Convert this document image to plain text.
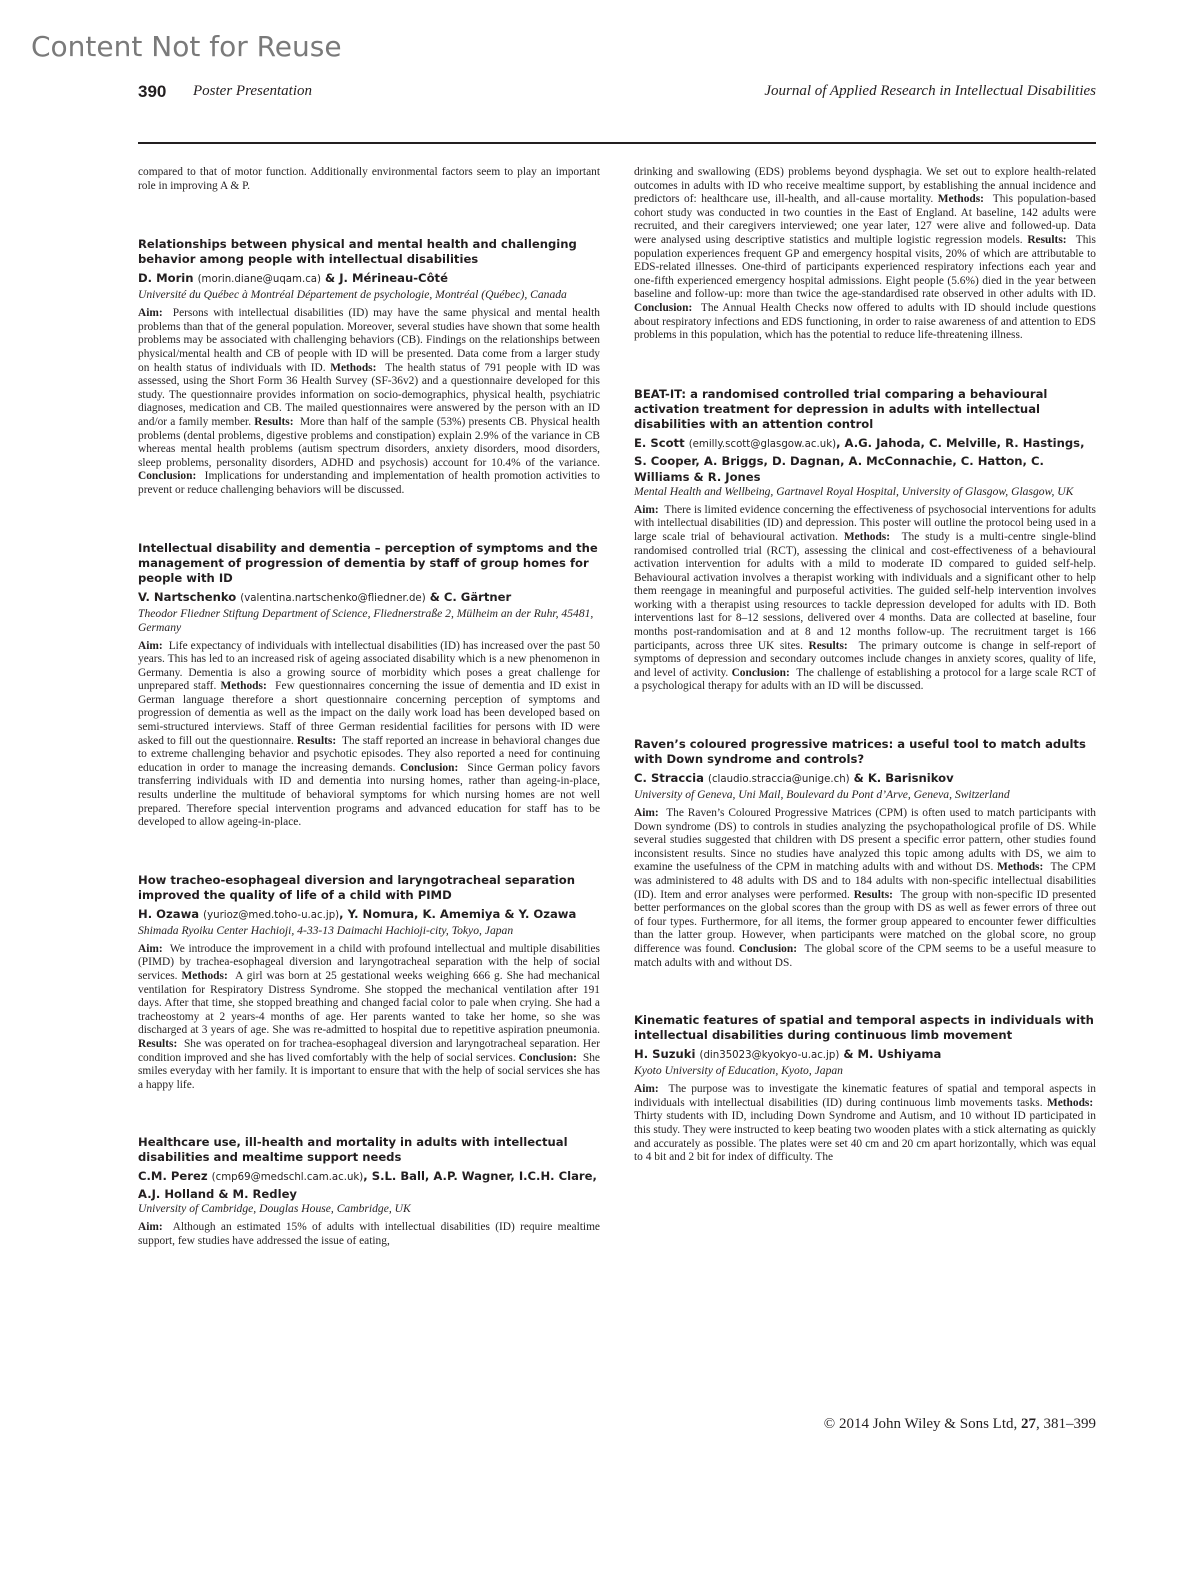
Content Not for Reuse
390 Poster Presentation	Journal of Applied Research in Intellectual Disabilities

compared to that of motor function. Additionally environmental factors seem to play an important role in improving A & P.

Relationships between physical and mental health and challenging behavior among people with intellectual disabilities
D. Morin (morin.diane@uqam.ca) & J. Mérineau-Côté
Université du Québec à Montréal Département de psychologie, Montréal (Québec), Canada

Aim: Persons with intellectual disabilities (ID) may have the same physical and mental health problems than that of the general population. Moreover, several studies have shown that some health problems may be associated with challenging behaviors (CB). Findings on the relationships between physical/mental health and CB of people with ID will be presented. Data come from a larger study on health status of individuals with ID. Methods: The health status of 791 people with ID was assessed, using the Short Form 36 Health Survey (SF-36v2) and a questionnaire developed for this study. The questionnaire provides information on socio-demographics, physical health, psychiatric diagnoses, medication and CB. The mailed questionnaires were answered by the person with an ID and/or a family member. Results: More than half of the sample (53%) presents CB. Physical health problems (dental problems, digestive problems and constipation) explain 2.9% of the variance in CB whereas mental health problems (autism spectrum disorders, anxiety disorders, mood disorders, sleep problems, personality disorders, ADHD and psychosis) account for 10.4% of the variance. Conclusion: Implications for understanding and implementation of health promotion activities to prevent or reduce challenging behaviors will be discussed.

Intellectual disability and dementia – perception of symptoms and the management of progression of dementia by staff of group homes for people with ID
V. Nartschenko (valentina.nartschenko@fliedner.de) & C. Gärtner
Theodor Fliedner Stiftung Department of Science, Fliednerstraße 2, Mülheim an der Ruhr, 45481, Germany

Aim: Life expectancy of individuals with intellectual disabilities (ID) has increased over the past 50 years. This has led to an increased risk of ageing associated disability which is a new phenomenon in Germany. Dementia is also a growing source of morbidity which poses a great challenge for unprepared staff. Methods: Few questionnaires concerning the issue of dementia and ID exist in German language therefore a short questionnaire concerning perception of symptoms and progression of dementia as well as the impact on the daily work load has been developed based on semi-structured interviews. Staff of three German residential facilities for persons with ID were asked to fill out the questionnaire. Results: The staff reported an increase in behavioral changes due to extreme challenging behavior and psychotic episodes. They also reported a need for continuing education in order to manage the increasing demands. Conclusion: Since German policy favors transferring individuals with ID and dementia into nursing homes, rather than ageing-in-place, results underline the multitude of behavioral symptoms for which nursing homes are not well prepared. Therefore special intervention programs and advanced education for staff has to be developed to allow ageing-in-place.

How tracheo-esophageal diversion and laryngotracheal separation improved the quality of life of a child with PIMD
H. Ozawa (yurioz@med.toho-u.ac.jp), Y. Nomura, K. Amemiya & Y. Ozawa
Shimada Ryoiku Center Hachioji, 4-33-13 Daimachi Hachioji-city, Tokyo, Japan

Aim: We introduce the improvement in a child with profound intellectual and multiple disabilities (PIMD) by trachea-esophageal diversion and laryngotracheal separation with the help of social services. Methods: A girl was born at 25 gestational weeks weighing 666 g. She had mechanical ventilation for Respiratory Distress Syndrome. She stopped the mechanical ventilation after 191 days. After that time, she stopped breathing and changed facial color to pale when crying. She had a tracheostomy at 2 years-4 months of age. Her parents wanted to take her home, so she was discharged at 3 years of age. She was re-admitted to hospital due to repetitive aspiration pneumonia. Results: She was operated on for trachea-esophageal diversion and laryngotracheal separation. Her condition improved and she has lived comfortably with the help of social services. Conclusion: She smiles everyday with her family. It is important to ensure that with the help of social services she has a happy life.

Healthcare use, ill-health and mortality in adults with intellectual disabilities and mealtime support needs
C.M. Perez (cmp69@medschl.cam.ac.uk), S.L. Ball, A.P. Wagner, I.C.H. Clare, A.J. Holland & M. Redley
University of Cambridge, Douglas House, Cambridge, UK

Aim: Although an estimated 15% of adults with intellectual disabilities (ID) require mealtime support, few studies have addressed the issue of eating,

drinking and swallowing (EDS) problems beyond dysphagia. We set out to explore health-related outcomes in adults with ID who receive mealtime support, by establishing the annual incidence and predictors of: healthcare use, ill-health, and all-cause mortality. Methods: This population-based cohort study was conducted in two counties in the East of England. At baseline, 142 adults were recruited, and their caregivers interviewed; one year later, 127 were alive and followed-up. Data were analysed using descriptive statistics and multiple logistic regression models. Results: This population experiences frequent GP and emergency hospital visits, 20% of which are attributable to EDS-related illnesses. One-third of participants experienced respiratory infections each year and one-fifth experienced emergency hospital admissions. Eight people (5.6%) died in the year between baseline and follow-up: more than twice the age-standardised rate observed in other adults with ID. Conclusion: The Annual Health Checks now offered to adults with ID should include questions about respiratory infections and EDS functioning, in order to raise awareness of and attention to EDS problems in this population, which has the potential to reduce life-threatening illness.

BEAT-IT: a randomised controlled trial comparing a behavioural activation treatment for depression in adults with intellectual disabilities with an attention control
E. Scott (emilly.scott@glasgow.ac.uk), A.G. Jahoda, C. Melville, R. Hastings, S. Cooper, A. Briggs, D. Dagnan, A. McConnachie, C. Hatton, C. Williams & R. Jones
Mental Health and Wellbeing, Gartnavel Royal Hospital, University of Glasgow, Glasgow, UK

Aim: There is limited evidence concerning the effectiveness of psychosocial interventions for adults with intellectual disabilities (ID) and depression. This poster will outline the protocol being used in a large scale trial of behavioural activation. Methods: The study is a multi-centre single-blind randomised controlled trial (RCT), assessing the clinical and cost-effectiveness of a behavioural activation intervention for adults with a mild to moderate ID compared to guided self-help. Behavioural activation involves a therapist working with individuals and a significant other to help them reengage in meaningful and purposeful activities. The guided self-help intervention involves working with a therapist using resources to tackle depression developed for adults with ID. Both interventions last for 8–12 sessions, delivered over 4 months. Data are collected at baseline, four months post-randomisation and at 8 and 12 months follow-up. The recruitment target is 166 participants, across three UK sites. Results: The primary outcome is change in self-report of symptoms of depression and secondary outcomes include changes in anxiety scores, quality of life, and level of activity. Conclusion: The challenge of establishing a protocol for a large scale RCT of a psychological therapy for adults with an ID will be discussed.

Raven’s coloured progressive matrices: a useful tool to match adults with Down syndrome and controls?
C. Straccia (claudio.straccia@unige.ch) & K. Barisnikov
University of Geneva, Uni Mail, Boulevard du Pont d’Arve, Geneva, Switzerland

Aim: The Raven’s Coloured Progressive Matrices (CPM) is often used to match participants with Down syndrome (DS) to controls in studies analyzing the psychopathological profile of DS. While several studies suggested that children with DS present a specific error pattern, other studies found inconsistent results. Since no studies have analyzed this topic among adults with DS, we aim to examine the usefulness of the CPM in matching adults with and without DS. Methods: The CPM was administered to 48 adults with DS and to 184 adults with non-specific intellectual disabilities (ID). Item and error analyses were performed. Results: The group with non-specific ID presented better performances on the global scores than the group with DS as well as fewer errors of three out of four types. Furthermore, for all items, the former group appeared to encounter fewer difficulties than the latter group. However, when participants were matched on the global score, no group difference was found. Conclusion: The global score of the CPM seems to be a useful measure to match adults with and without DS.

Kinematic features of spatial and temporal aspects in individuals with intellectual disabilities during continuous limb movement
H. Suzuki (din35023@kyokyo-u.ac.jp) & M. Ushiyama
Kyoto University of Education, Kyoto, Japan

Aim: The purpose was to investigate the kinematic features of spatial and temporal aspects in individuals with intellectual disabilities (ID) during continuous limb movements tasks. Methods:  Thirty students with ID, including Down Syndrome and Autism, and 10 without ID participated in this study. They were instructed to keep beating two wooden plates with a stick alternating as quickly and accurately as possible. The plates were set 40 cm and 20 cm apart horizontally, which was equal to 4 bit and 2 bit for index of difficulty. The

© 2014 John Wiley & Sons Ltd, 27, 381–399
